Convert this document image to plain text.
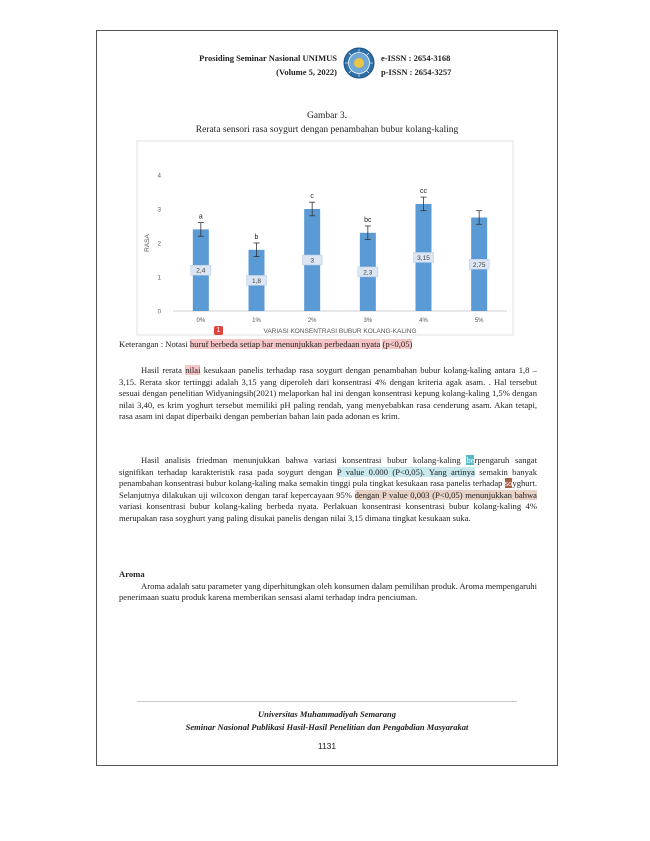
Prosiding Seminar Nasional UNIMUS
(Volume 5, 2022)
e-ISSN : 2654-3168
p-ISSN : 2654-3257
Gambar 3.
Rerata sensori rasa soygurt dengan penambahan bubur kolang-kaling
0
1
2
3
4
RASA
2,4
a
0%
1,8
b
1%
3
c
2%
2,3
bc
3%
3,15
cc
4%
2,75
5%
VARIASI KONSENTRASI BUBUR KOLANG-KALING
1

Keterangan : Notasi huruf berbeda setiap bar menunjukkan perbedaan nyata (p<0,05)

Hasil rerata nilai kesukaan panelis terhadap rasa soygurt dengan penambahan bubur kolang-kaling antara 1,8 – 3,15. Rerata skor tertinggi adalah 3,15 yang diperoleh dari konsentrasi 4% dengan kriteria agak asam. . Hal tersebut sesuai dengan penelitian Widyaningsih(2021) melaporkan hal ini dengan konsentrasi kepung kolang-kaling 1,5% dengan nilai 3,40, es krim yoghurt tersebut memiliki pH paling rendah, yang menyebabkan rasa cenderung asam. Akan tetapi, rasa asam ini dapat diperbaiki dengan pemberian bahan lain pada adonan es krim.

Hasil analisis friedman menunjukkan bahwa variasi konsentrasi bubur kolang-kaling berpengaruh sangat signifikan terhadap karakteristik rasa pada soygurt dengan P value 0.000 (P<0,05). Yang artinya semakin banyak penambahan konsentrasi bubur kolang-kaling maka semakin tinggi pula tingkat kesukaan rasa panelis terhadap soyghurt. Selanjutnya dilakukan uji wilcoxon dengan taraf kepercayaan 95% dengan P value 0,003 (P<0,05) menunjukkan bahwa variasi konsentrasi bubur kolang-kaling berbeda nyata. Perlakuan konsentrasi konsentrasi bubur kolang-kaling 4% merupakan rasa soyghurt yang paling disukai panelis dengan nilai 3,15 dimana tingkat kesukaan suka.

Aroma

Aroma adalah satu parameter yang diperhitungkan oleh konsumen dalam pemilihan produk. Aroma mempengaruhi penerimaan suatu produk karena memberikan sensasi alami terhadap indra penciuman.

Universitas Muhammadiyah Semarang
Seminar Nasional Publikasi Hasil-Hasil Penelitian dan Pengabdian Masyarakat
1131
